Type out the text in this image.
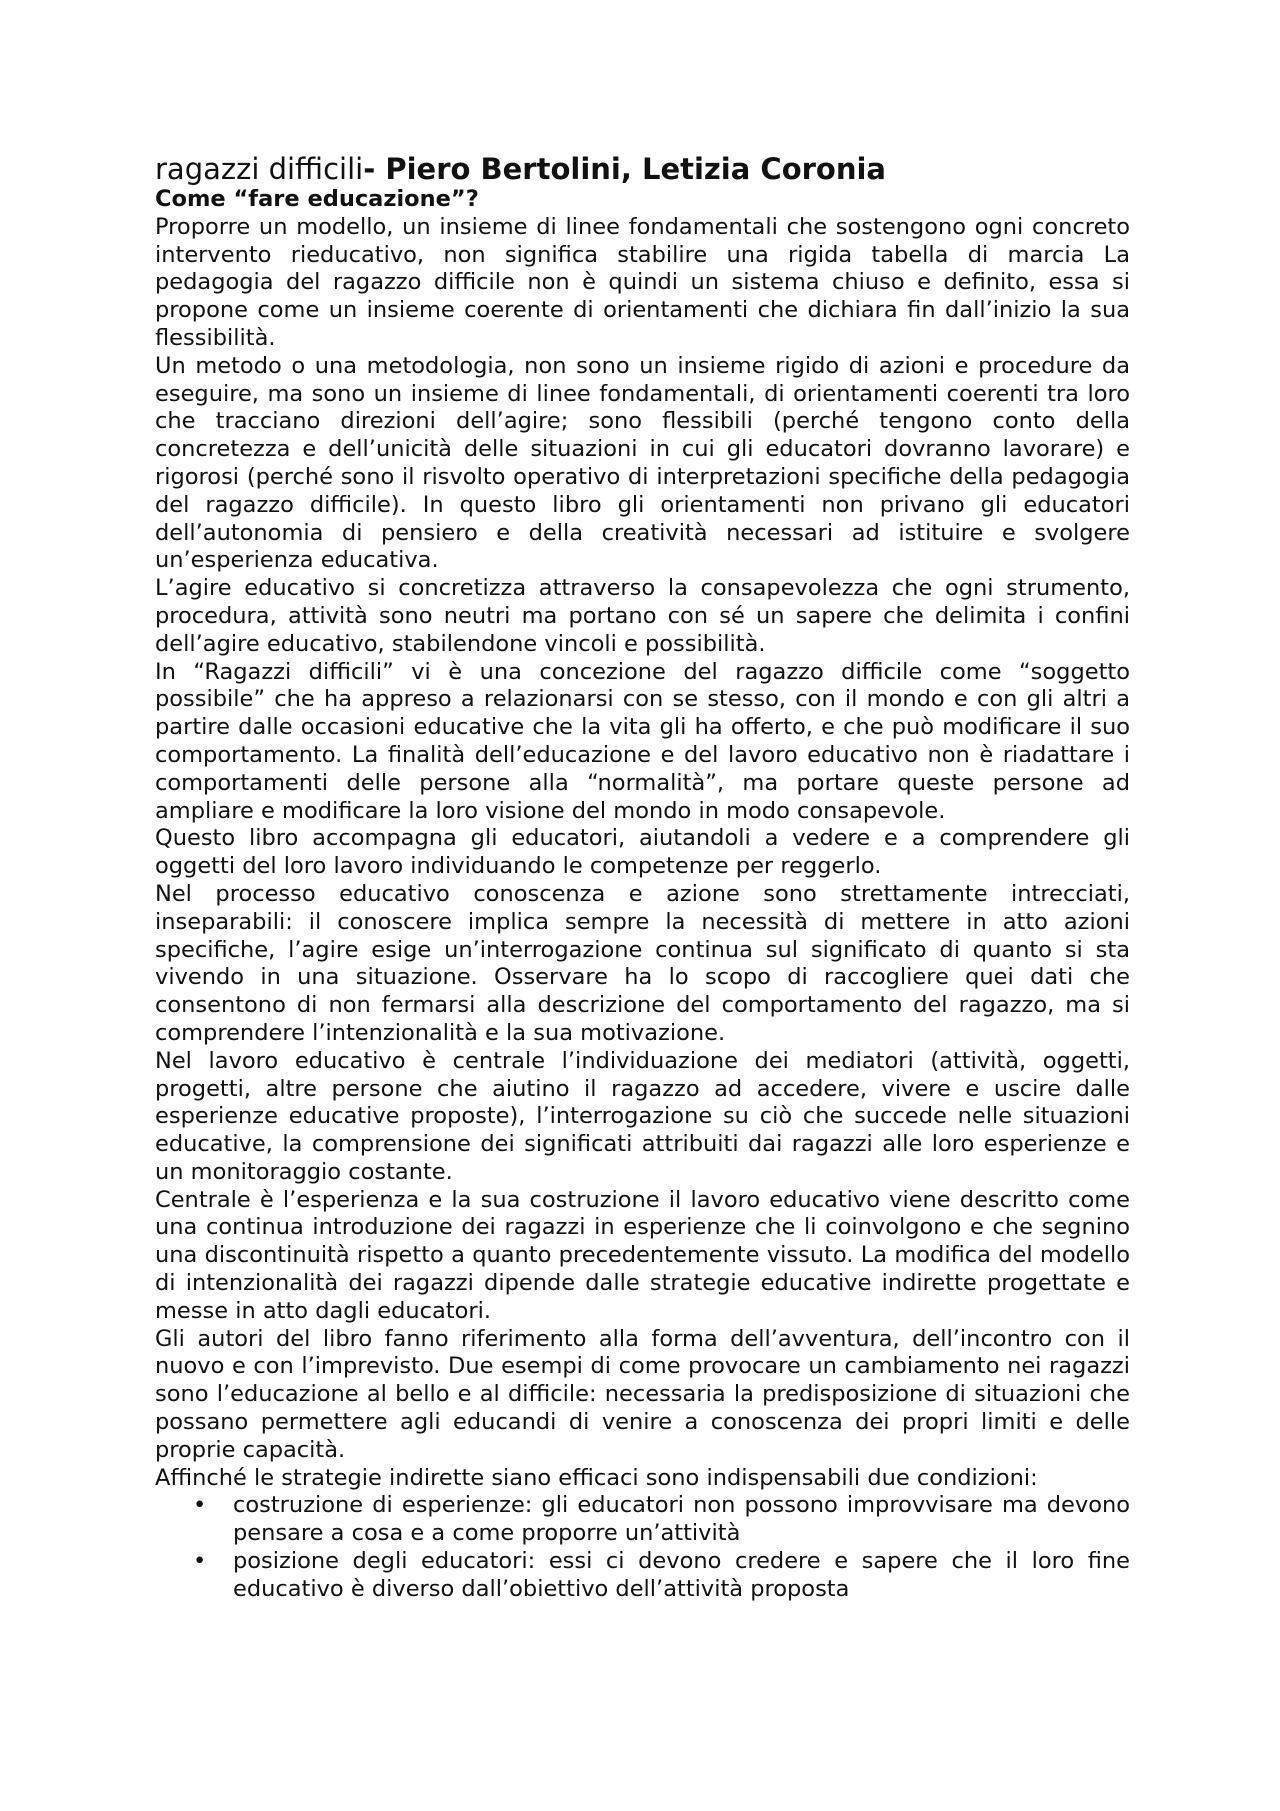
ragazzi difficili- Piero Bertolini, Letizia Coronia
Come “fare educazione”?

Proporre un modello, un insieme di linee fondamentali che sostengono ogni concreto intervento rieducativo, non significa stabilire una rigida tabella di marcia La pedagogia del ragazzo difficile non è quindi un sistema chiuso e definito, essa si propone come un insieme coerente di orientamenti che dichiara fin dall’inizio la sua flessibilità.

Un metodo o una metodologia, non sono un insieme rigido di azioni e procedure da eseguire, ma sono un insieme di linee fondamentali, di orientamenti coerenti tra loro che tracciano direzioni dell’agire; sono flessibili (perché tengono conto della concretezza e dell’unicità delle situazioni in cui gli educatori dovranno lavorare) e rigorosi (perché sono il risvolto operativo di interpretazioni specifiche della pedagogia del ragazzo difficile). In questo libro gli orientamenti non privano gli educatori dell’autonomia di pensiero e della creatività necessari ad istituire e svolgere un’esperienza educativa.

L’agire educativo si concretizza attraverso la consapevolezza che ogni strumento, procedura, attività sono neutri ma portano con sé un sapere che delimita i confini dell’agire educativo, stabilendone vincoli e possibilità.

In “Ragazzi difficili” vi è una concezione del ragazzo difficile come “soggetto possibile” che ha appreso a relazionarsi con se stesso, con il mondo e con gli altri a partire dalle occasioni educative che la vita gli ha offerto, e che può modificare il suo comportamento. La finalità dell’educazione e del lavoro educativo non è riadattare i comportamenti delle persone alla “normalità”, ma portare queste persone ad ampliare e modificare la loro visione del mondo in modo consapevole.

Questo libro accompagna gli educatori, aiutandoli a vedere e a comprendere gli oggetti del loro lavoro individuando le competenze per reggerlo.

Nel processo educativo conoscenza e azione sono strettamente intrecciati, inseparabili: il conoscere implica sempre la necessità di mettere in atto azioni specifiche, l’agire esige un’interrogazione continua sul significato di quanto si sta vivendo in una situazione. Osservare ha lo scopo di raccogliere quei dati che consentono di non fermarsi alla descrizione del comportamento del ragazzo, ma si comprendere l’intenzionalità e la sua motivazione.

Nel lavoro educativo è centrale l’individuazione dei mediatori (attività, oggetti, progetti, altre persone che aiutino il ragazzo ad accedere, vivere e uscire dalle esperienze educative proposte), l’interrogazione su ciò che succede nelle situazioni educative, la comprensione dei significati attribuiti dai ragazzi alle loro esperienze e un monitoraggio costante.

Centrale è l’esperienza e la sua costruzione il lavoro educativo viene descritto come una continua introduzione dei ragazzi in esperienze che li coinvolgono e che segnino una discontinuità rispetto a quanto precedentemente vissuto. La modifica del modello di intenzionalità dei ragazzi dipende dalle strategie educative indirette progettate e messe in atto dagli educatori.

Gli autori del libro fanno riferimento alla forma dell’avventura, dell’incontro con il nuovo e con l’imprevisto. Due esempi di come provocare un cambiamento nei ragazzi sono l’educazione al bello e al difficile: necessaria la predisposizione di situazioni che possano permettere agli educandi di venire a conoscenza dei propri limiti e delle proprie capacità.

Affinché le strategie indirette siano efficaci sono indispensabili due condizioni:

• costruzione di esperienze: gli educatori non possono improvvisare ma devono pensare a cosa e a come proporre un’attività
• posizione degli educatori: essi ci devono credere e sapere che il loro fine educativo è diverso dall’obiettivo dell’attività proposta
